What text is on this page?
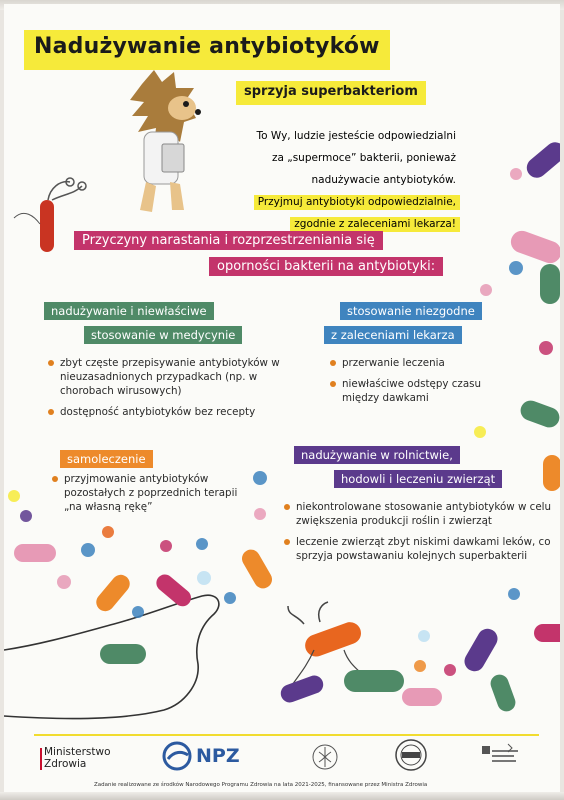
Nadużywanie antybiotyków
sprzyja superbakteriom
To Wy, ludzie jesteście odpowiedzialni
za „supermoce” bakterii, ponieważ
nadużywacie antybiotyków.
Przyjmuj antybiotyki odpowiedzialnie,
zgodnie z zaleceniami lekarza!
Przyczyny narastania i rozprzestrzeniania się
oporności bakterii na antybiotyki:
nadużywanie i niewłaściwe
stosowanie w medycynie
zbyt częste przepisywanie antybiotyków w nieuzasadnionych przypadkach (np. w chorobach wirusowych)
dostępność antybiotyków bez recepty
stosowanie niezgodne
z zaleceniami lekarza
przerwanie leczenia
niewłaściwe odstępy czasu między dawkami
samoleczenie
przyjmowanie antybiotyków pozostałych z poprzednich terapii „na własną rękę”
nadużywanie w rolnictwie,
hodowli i leczeniu zwierząt
niekontrolowane stosowanie antybiotyków w celu zwiększenia produkcji roślin i zwierząt
leczenie zwierząt zbyt niskimi dawkami leków, co sprzyja powstawaniu kolejnych superbakterii
Ministerstwo
Zdrowia	NPZ
Zadanie realizowane ze środków Narodowego Programu Zdrowia na lata 2021-2025, finansowane przez Ministra Zdrowia
